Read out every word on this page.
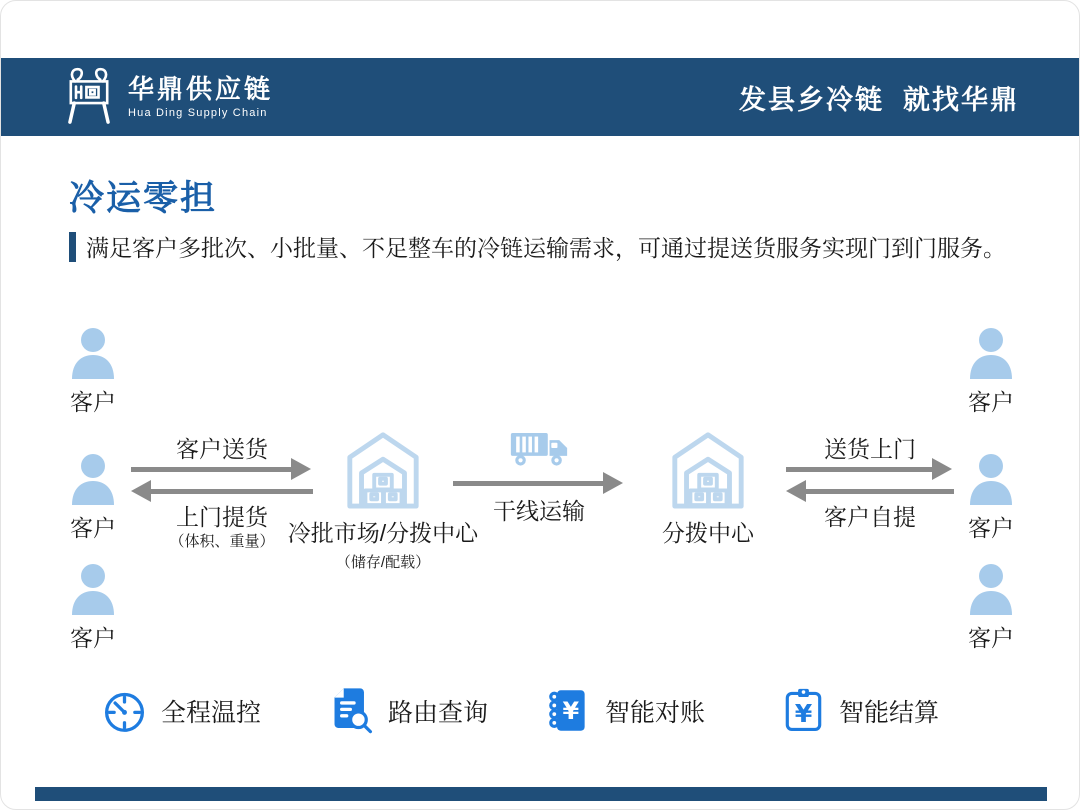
华鼎供应链
Hua Ding Supply Chain	发县乡冷链  就找华鼎
冷运零担
满足客户多批次、小批量、不足整车的冷链运输需求，可通过提送货服务实现门到门服务。
客户
客户
客户
客户送货
上门提货
（体积、重量） 冷批市场/分拨中心
（储存/配载）
干线运输
分拨中心
送货上门
客户自提
客户
客户
客户
全程温控	路由查询	¥ 智能对账	¥ 智能结算
